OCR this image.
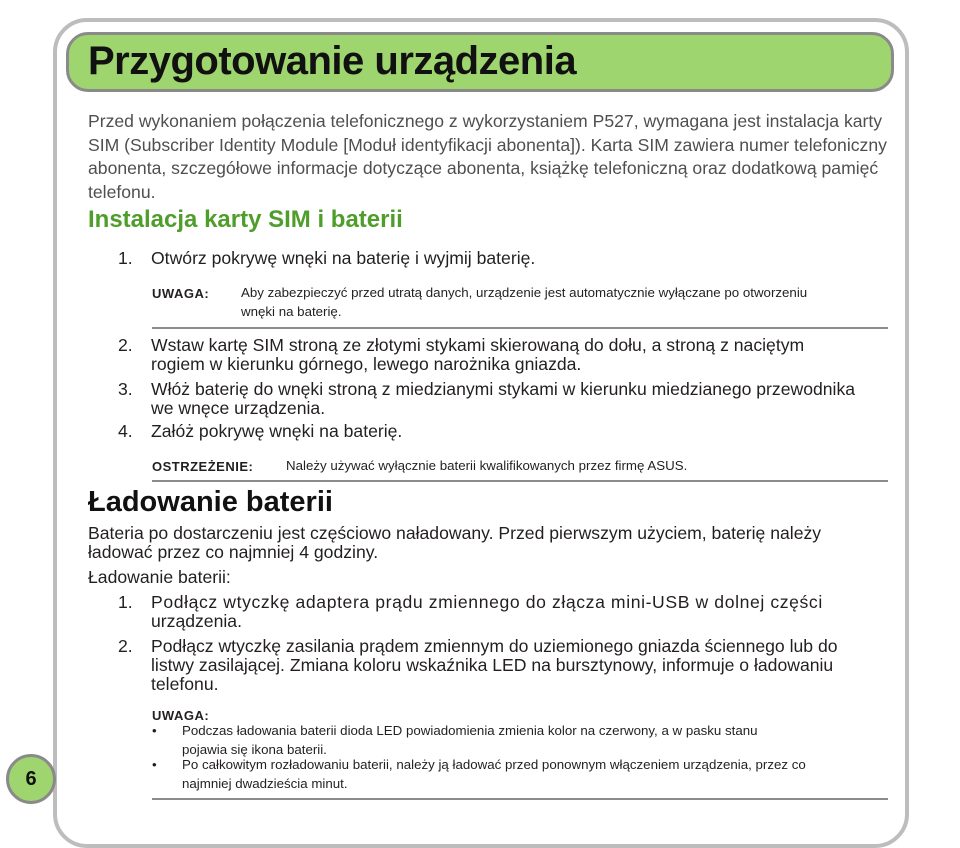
Przygotowanie urządzenia

Przed wykonaniem połączenia telefonicznego z wykorzystaniem P527, wymagana jest instalacja karty SIM (Subscriber Identity Module [Moduł identyfikacji abonenta]). Karta SIM zawiera numer telefoniczny abonenta, szczegółowe informacje dotyczące abonenta, książkę telefoniczną oraz dodatkową pamięć telefonu.

Instalacja karty SIM i baterii
1.	Otwórz pokrywę wnęki na baterię i wyjmij baterię.
UWAGA: Aby zabezpieczyć przed utratą danych, urządzenie jest automatycznie wyłączane po otworzeniu

wnęki na baterię.

2.	Wstaw kartę SIM stroną ze złotymi stykami skierowaną do dołu, a stroną z naciętym
rogiem w kierunku górnego, lewego narożnika gniazda.
3.	Włóż baterię do wnęki stroną z miedzianymi stykami w kierunku miedzianego przewodnika
we wnęce urządzenia.
4.	Załóż pokrywę wnęki na baterię.
OSTRZEŻENIE: Należy używać wyłącznie baterii kwalifikowanych przez firmę ASUS.

Ładowanie baterii

Bateria po dostarczeniu jest częściowo naładowany. Przed pierwszym użyciem, baterię należy

ładować przez co najmniej 4 godziny.

Ładowanie baterii:

1. Podłącz wtyczkę adaptera prądu zmiennego do złącza mini-USB w dolnej części
urządzenia.
2. Podłącz wtyczkę zasilania prądem zmiennym do uziemionego gniazda ściennego lub do
listwy zasilającej. Zmiana koloru wskaźnika LED na bursztynowy, informuje o ładowaniu
telefonu.
UWAGA:
• Podczas ładowania baterii dioda LED powiadomienia zmienia kolor na czerwony, a w pasku stanu
pojawia się ikona baterii.
• Po całkowitym rozładowaniu baterii, należy ją ładować przed ponownym włączeniem urządzenia, przez co
najmniej dwadzieścia minut.
6
